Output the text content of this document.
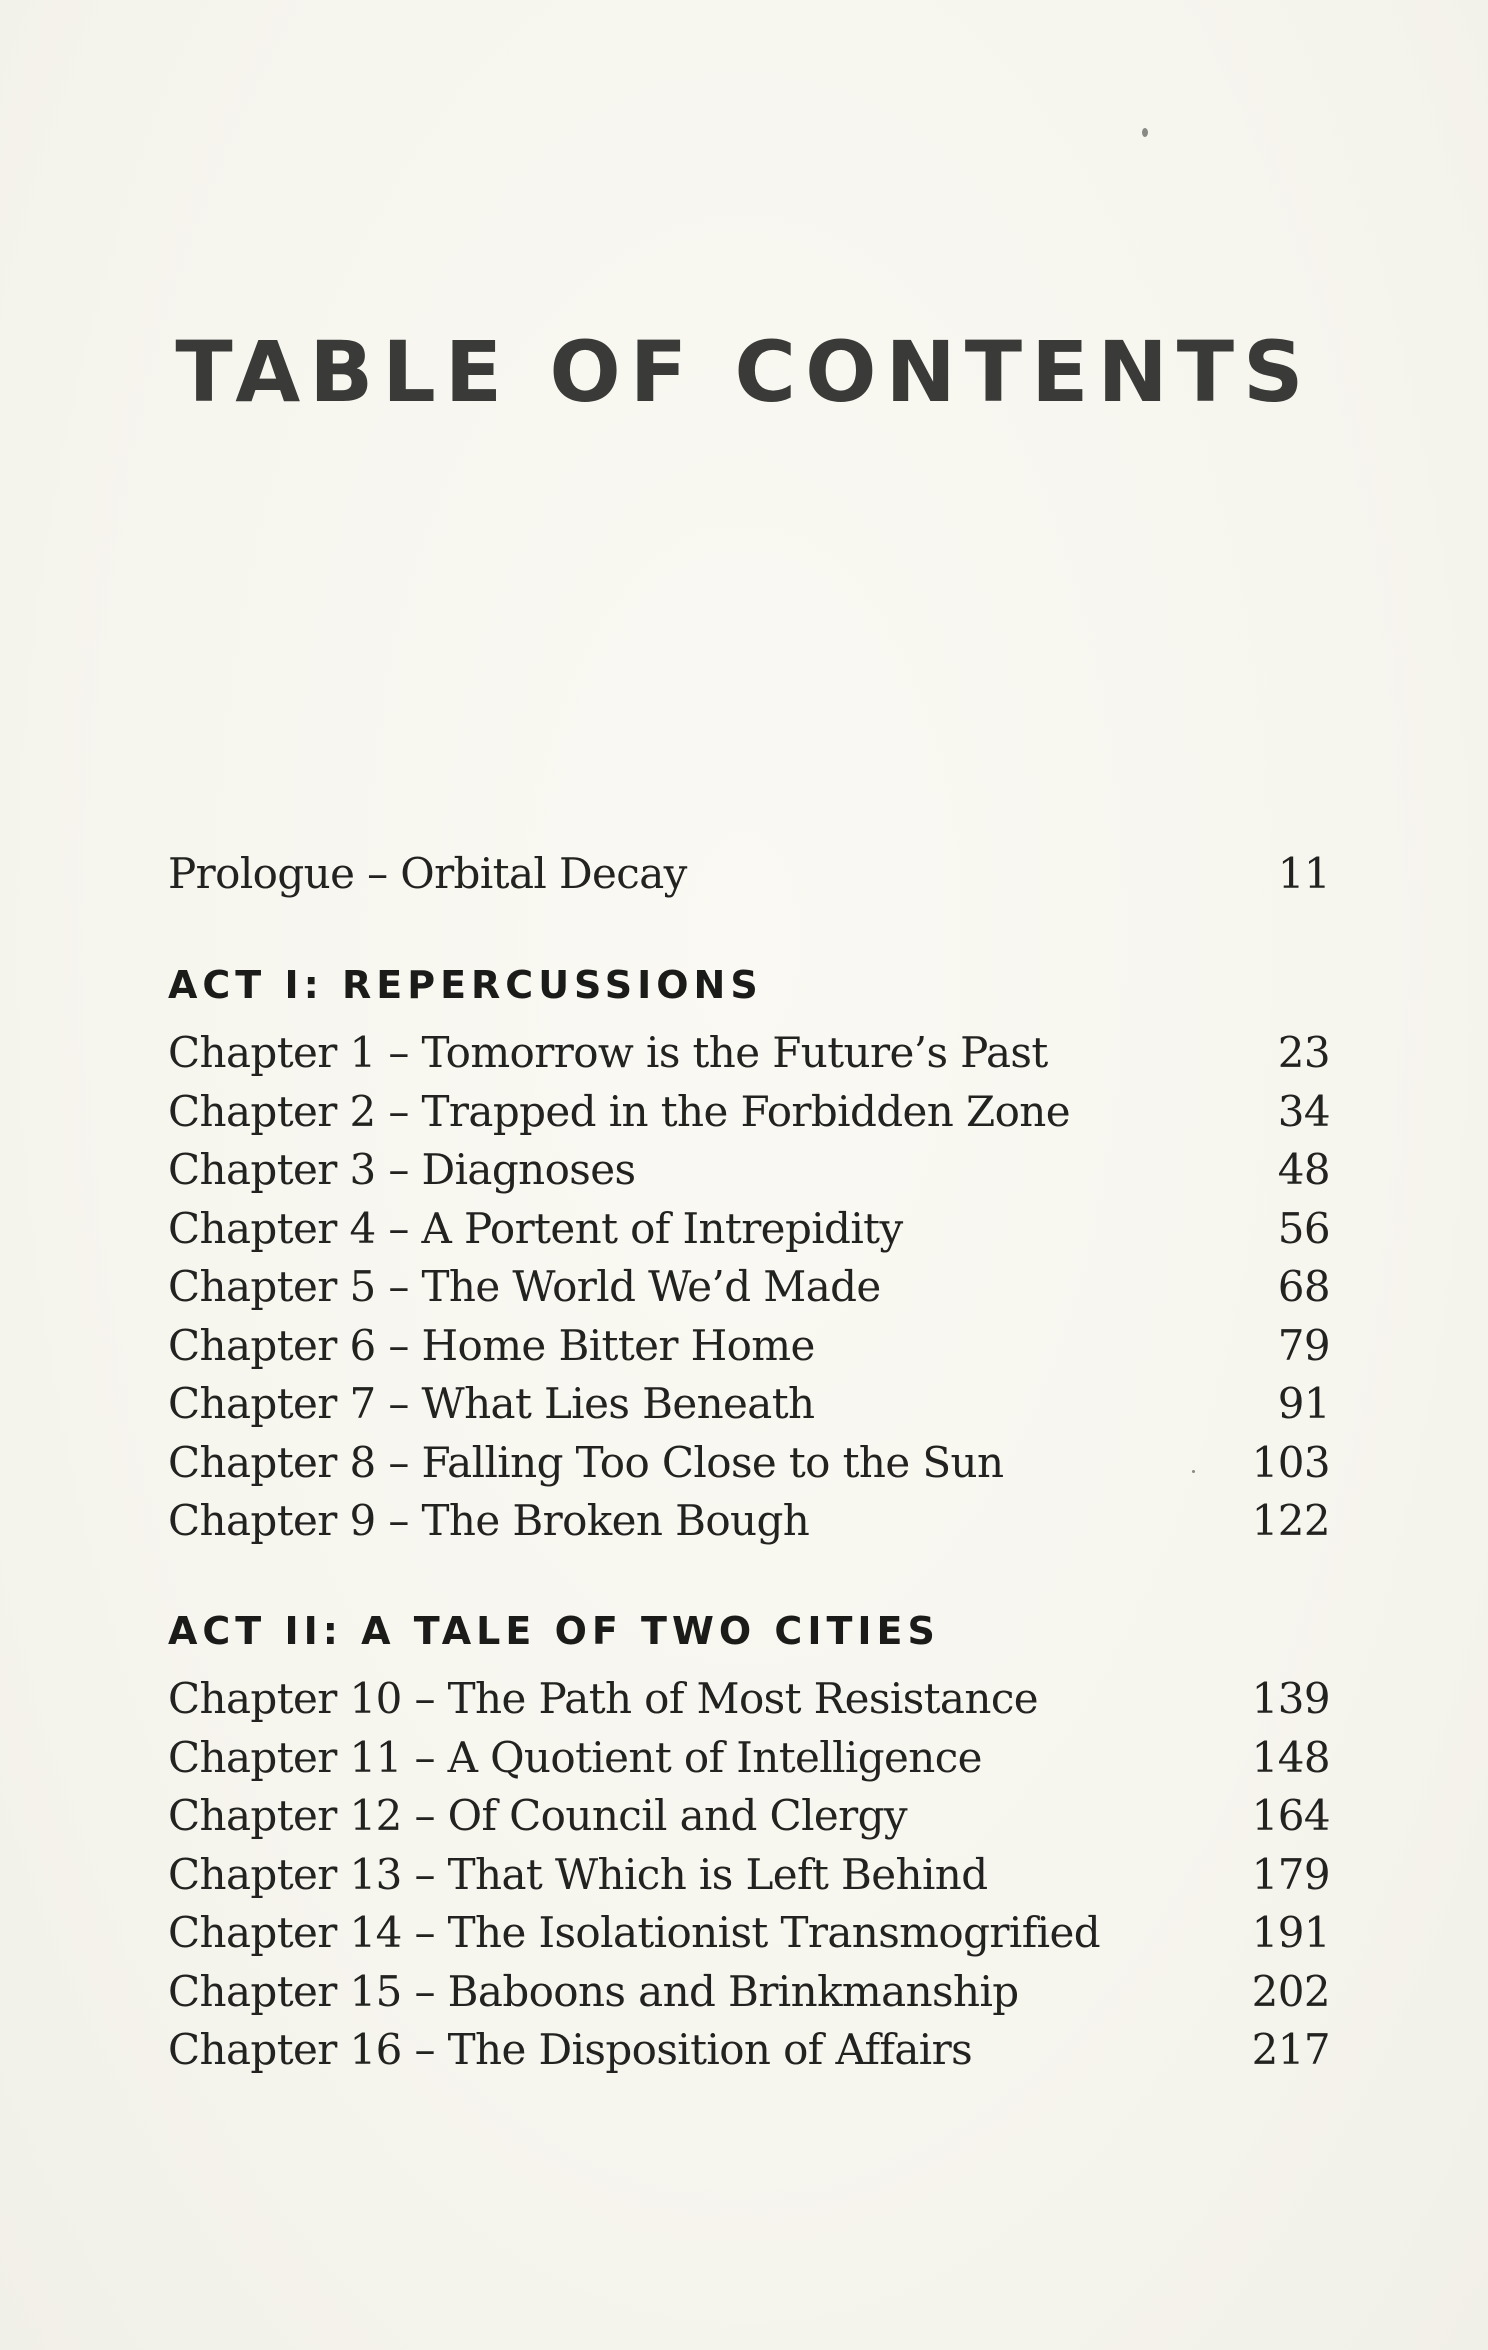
TABLE OF CONTENTS
Prologue – Orbital Decay	11
ACT I: REPERCUSSIONS
Chapter 1 – Tomorrow is the Future’s Past	23
Chapter 2 – Trapped in the Forbidden Zone	34
Chapter 3 – Diagnoses	48
Chapter 4 – A Portent of Intrepidity	56
Chapter 5 – The World We’d Made	68
Chapter 6 – Home Bitter Home	79
Chapter 7 – What Lies Beneath	91
Chapter 8 – Falling Too Close to the Sun	103
Chapter 9 – The Broken Bough	122
ACT II: A TALE OF TWO CITIES
Chapter 10 – The Path of Most Resistance	139
Chapter 11 – A Quotient of Intelligence	148
Chapter 12 – Of Council and Clergy	164
Chapter 13 – That Which is Left Behind	179
Chapter 14 – The Isolationist Transmogrified	191
Chapter 15 – Baboons and Brinkmanship	202
Chapter 16 – The Disposition of Affairs	217
